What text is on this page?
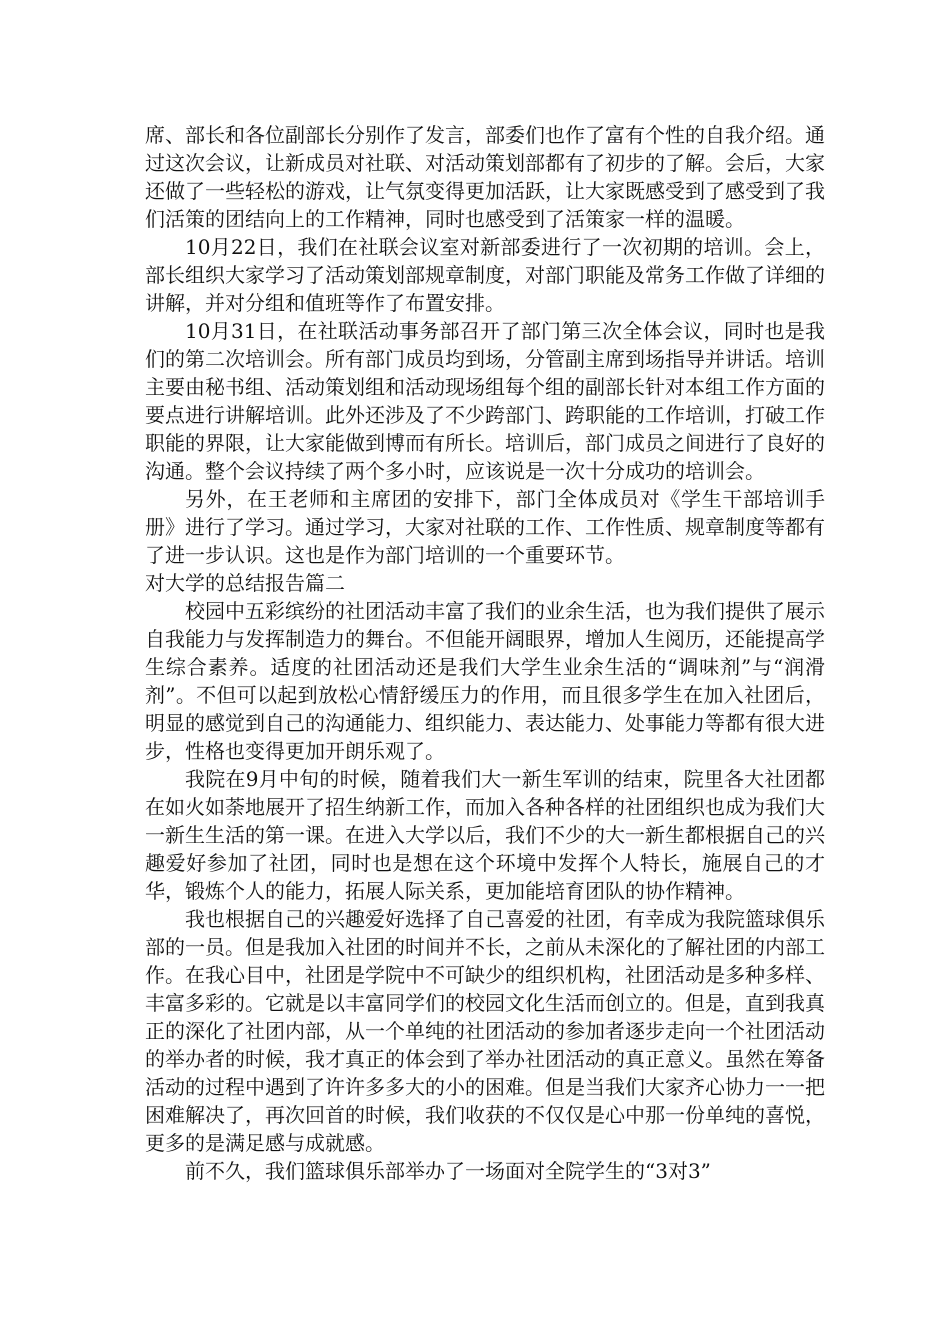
席、部长和各位副部长分别作了发言，部委们也作了富有个性的自我介绍。通过这次会议，让新成员对社联、对活动策划部都有了初步的了解。会后，大家还做了一些轻松的游戏，让气氛变得更加活跃，让大家既感受到了感受到了我们活策的团结向上的工作精神，同时也感受到了活策家一样的温暖。

10月22日，我们在社联会议室对新部委进行了一次初期的培训。会上，部长组织大家学习了活动策划部规章制度，对部门职能及常务工作做了详细的讲解，并对分组和值班等作了布置安排。

10月31日，在社联活动事务部召开了部门第三次全体会议，同时也是我们的第二次培训会。所有部门成员均到场，分管副主席到场指导并讲话。培训主要由秘书组、活动策划组和活动现场组每个组的副部长针对本组工作方面的要点进行讲解培训。此外还涉及了不少跨部门、跨职能的工作培训，打破工作职能的界限，让大家能做到博而有所长。培训后，部门成员之间进行了良好的沟通。整个会议持续了两个多小时，应该说是一次十分成功的培训会。

另外，在王老师和主席团的安排下，部门全体成员对《学生干部培训手册》进行了学习。通过学习，大家对社联的工作、工作性质、规章制度等都有了进一步认识。这也是作为部门培训的一个重要环节。

对大学的总结报告篇二

校园中五彩缤纷的社团活动丰富了我们的业余生活，也为我们提供了展示自我能力与发挥制造力的舞台。不但能开阔眼界，增加人生阅历，还能提高学生综合素养。适度的社团活动还是我们大学生业余生活的“调味剂”与“润滑剂”。不但可以起到放松心情舒缓压力的作用，而且很多学生在加入社团后，明显的感觉到自己的沟通能力、组织能力、表达能力、处事能力等都有很大进步，性格也变得更加开朗乐观了。

我院在9月中旬的时候，随着我们大一新生军训的结束，院里各大社团都在如火如荼地展开了招生纳新工作，而加入各种各样的社团组织也成为我们大一新生生活的第一课。在进入大学以后，我们不少的大一新生都根据自己的兴趣爱好参加了社团，同时也是想在这个环境中发挥个人特长，施展自己的才华，锻炼个人的能力，拓展人际关系，更加能培育团队的协作精神。

我也根据自己的兴趣爱好选择了自己喜爱的社团，有幸成为我院篮球俱乐部的一员。但是我加入社团的时间并不长，之前从未深化的了解社团的内部工作。在我心目中，社团是学院中不可缺少的组织机构，社团活动是多种多样、丰富多彩的。它就是以丰富同学们的校园文化生活而创立的。但是，直到我真正的深化了社团内部，从一个单纯的社团活动的参加者逐步走向一个社团活动的举办者的时候，我才真正的体会到了举办社团活动的真正意义。虽然在筹备活动的过程中遇到了许许多多大的小的困难。但是当我们大家齐心协力一一把困难解决了，再次回首的时候，我们收获的不仅仅是心中那一份单纯的喜悦，更多的是满足感与成就感。

前不久，我们篮球俱乐部举办了一场面对全院学生的“3对3”
